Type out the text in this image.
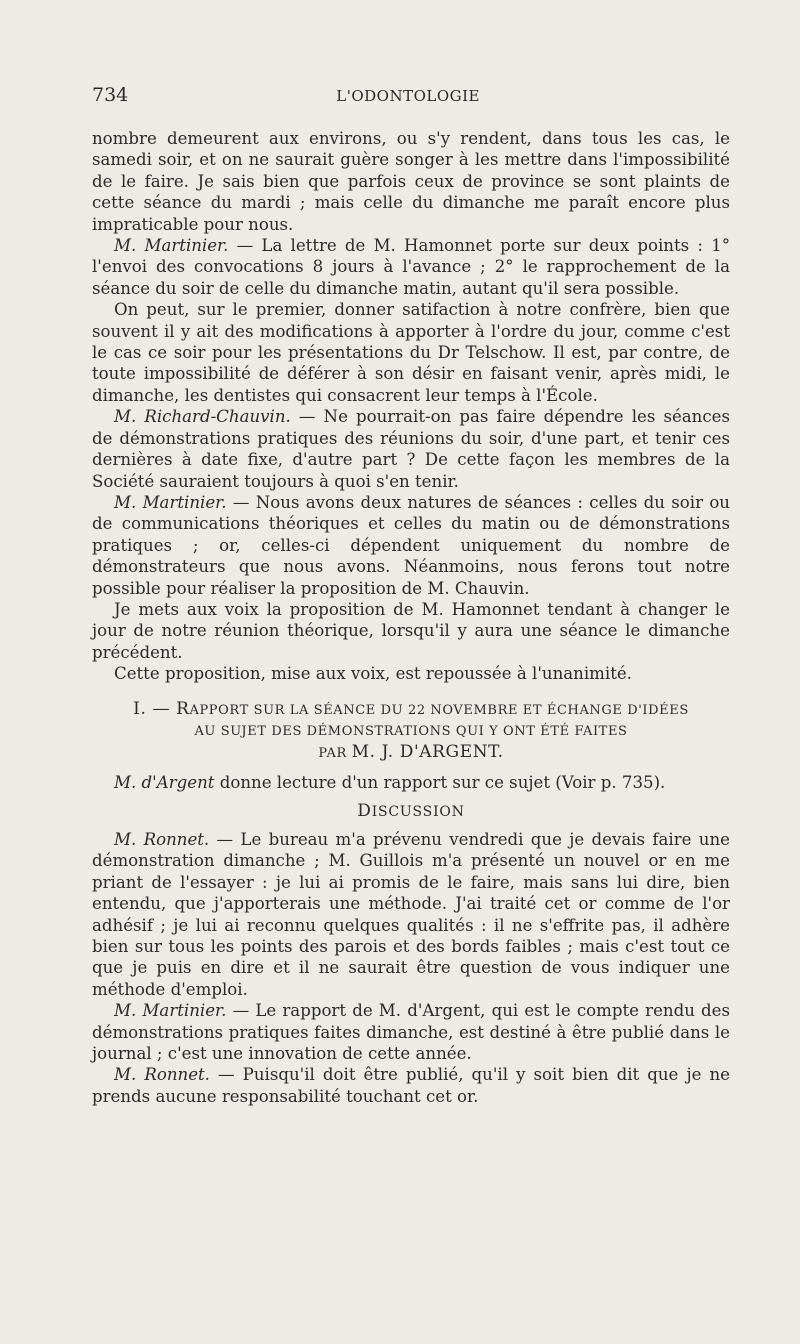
734	L'ODONTOLOGIE

nombre demeurent aux environs, ou s'y rendent, dans tous les cas, le samedi soir, et on ne saurait guère songer à les mettre dans l'impossibilité de le faire. Je sais bien que parfois ceux de province se sont plaints de cette séance du mardi ; mais celle du dimanche me paraît encore plus impraticable pour nous.

M. Martinier. — La lettre de M. Hamonnet porte sur deux points : 1° l'envoi des convocations 8 jours à l'avance ; 2° le rapprochement de la séance du soir de celle du dimanche matin, autant qu'il sera possible.

On peut, sur le premier, donner satifaction à notre confrère, bien que souvent il y ait des modifications à apporter à l'ordre du jour, comme c'est le cas ce soir pour les présentations du Dr Telschow. Il est, par contre, de toute impossibilité de déférer à son désir en faisant venir, après midi, le dimanche, les dentistes qui consacrent leur temps à l'École.

M. Richard-Chauvin. — Ne pourrait-on pas faire dépendre les séances de démonstrations pratiques des réunions du soir, d'une part, et tenir ces dernières à date fixe, d'autre part ? De cette façon les membres de la Société sauraient toujours à quoi s'en tenir.

M. Martinier. — Nous avons deux natures de séances : celles du soir ou de communications théoriques et celles du matin ou de démonstrations pratiques ; or, celles-ci dépendent uniquement du nombre de démonstrateurs que nous avons. Néanmoins, nous ferons tout notre possible pour réaliser la proposition de M. Chauvin.

Je mets aux voix la proposition de M. Hamonnet tendant à changer le jour de notre réunion théorique, lorsqu'il y aura une séance le dimanche précédent.

Cette proposition, mise aux voix, est repoussée à l'unanimité.

I. — RAPPORT SUR LA SÉANCE DU 22 NOVEMBRE ET ÉCHANGE D'IDÉES
AU SUJET DES DÉMONSTRATIONS QUI Y ONT ÉTÉ FAITES
PAR M. J. D'ARGENT.

M. d'Argent donne lecture d'un rapport sur ce sujet (Voir p. 735).

DISCUSSION

M. Ronnet. — Le bureau m'a prévenu vendredi que je devais faire une démonstration dimanche ; M. Guillois m'a présenté un nouvel or en me priant de l'essayer : je lui ai promis de le faire, mais sans lui dire, bien entendu, que j'apporterais une méthode. J'ai traité cet or comme de l'or adhésif ; je lui ai reconnu quelques qualités : il ne s'effrite pas, il adhère bien sur tous les points des parois et des bords faibles ; mais c'est tout ce que je puis en dire et il ne saurait être question de vous indiquer une méthode d'emploi.

M. Martinier. — Le rapport de M. d'Argent, qui est le compte rendu des démonstrations pratiques faites dimanche, est destiné à être publié dans le journal ; c'est une innovation de cette année.

M. Ronnet. — Puisqu'il doit être publié, qu'il y soit bien dit que je ne prends aucune responsabilité touchant cet or.
